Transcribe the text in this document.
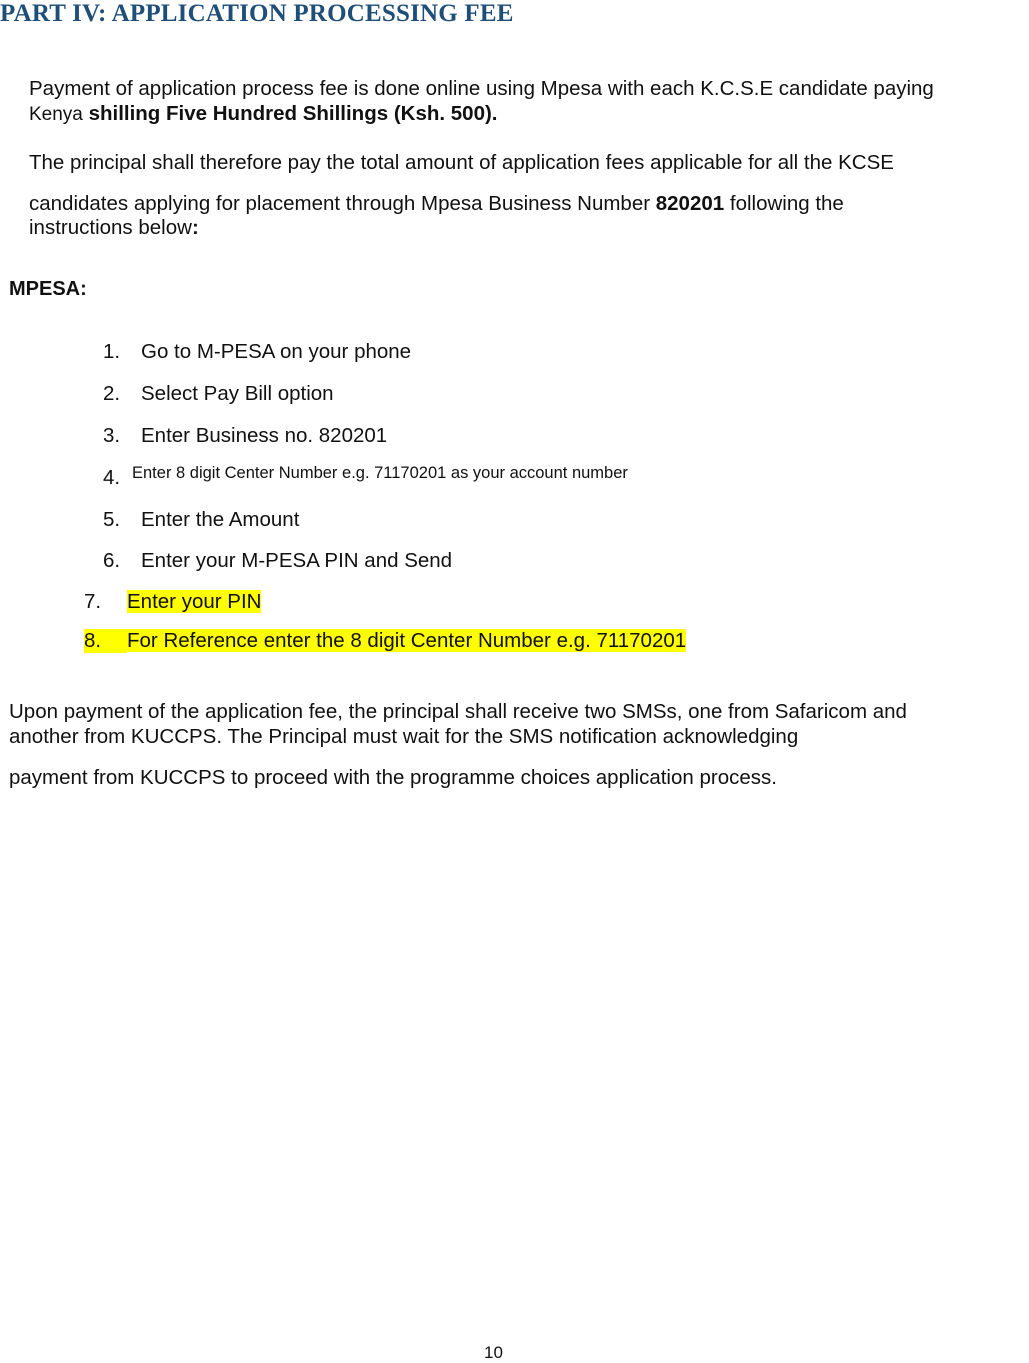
PART IV: APPLICATION PROCESSING FEE
Payment of application process fee is done online using Mpesa with each K.C.S.E candidate paying
Kenya shilling Five Hundred Shillings (Ksh. 500).
The principal shall therefore pay the total amount of application fees applicable for all the KCSE
candidates applying for placement through Mpesa Business Number 820201 following the
instructions below:
MPESA:
1. Go to M-PESA on your phone
2. Select Pay Bill option
3. Enter Business no. 820201
4. $^{Enter 8 digit Center Number e.g. 71170201 as your account number}$
5. Enter the Amount
6. Enter your M-PESA PIN and Send
7. Enter your PIN
8. For Reference enter the 8 digit Center Number e.g. 71170201
Upon payment of the application fee, the principal shall receive two SMSs, one from Safaricom and
another from KUCCPS. The Principal must wait for the SMS notification acknowledging
payment from KUCCPS to proceed with the programme choices application process.
10
